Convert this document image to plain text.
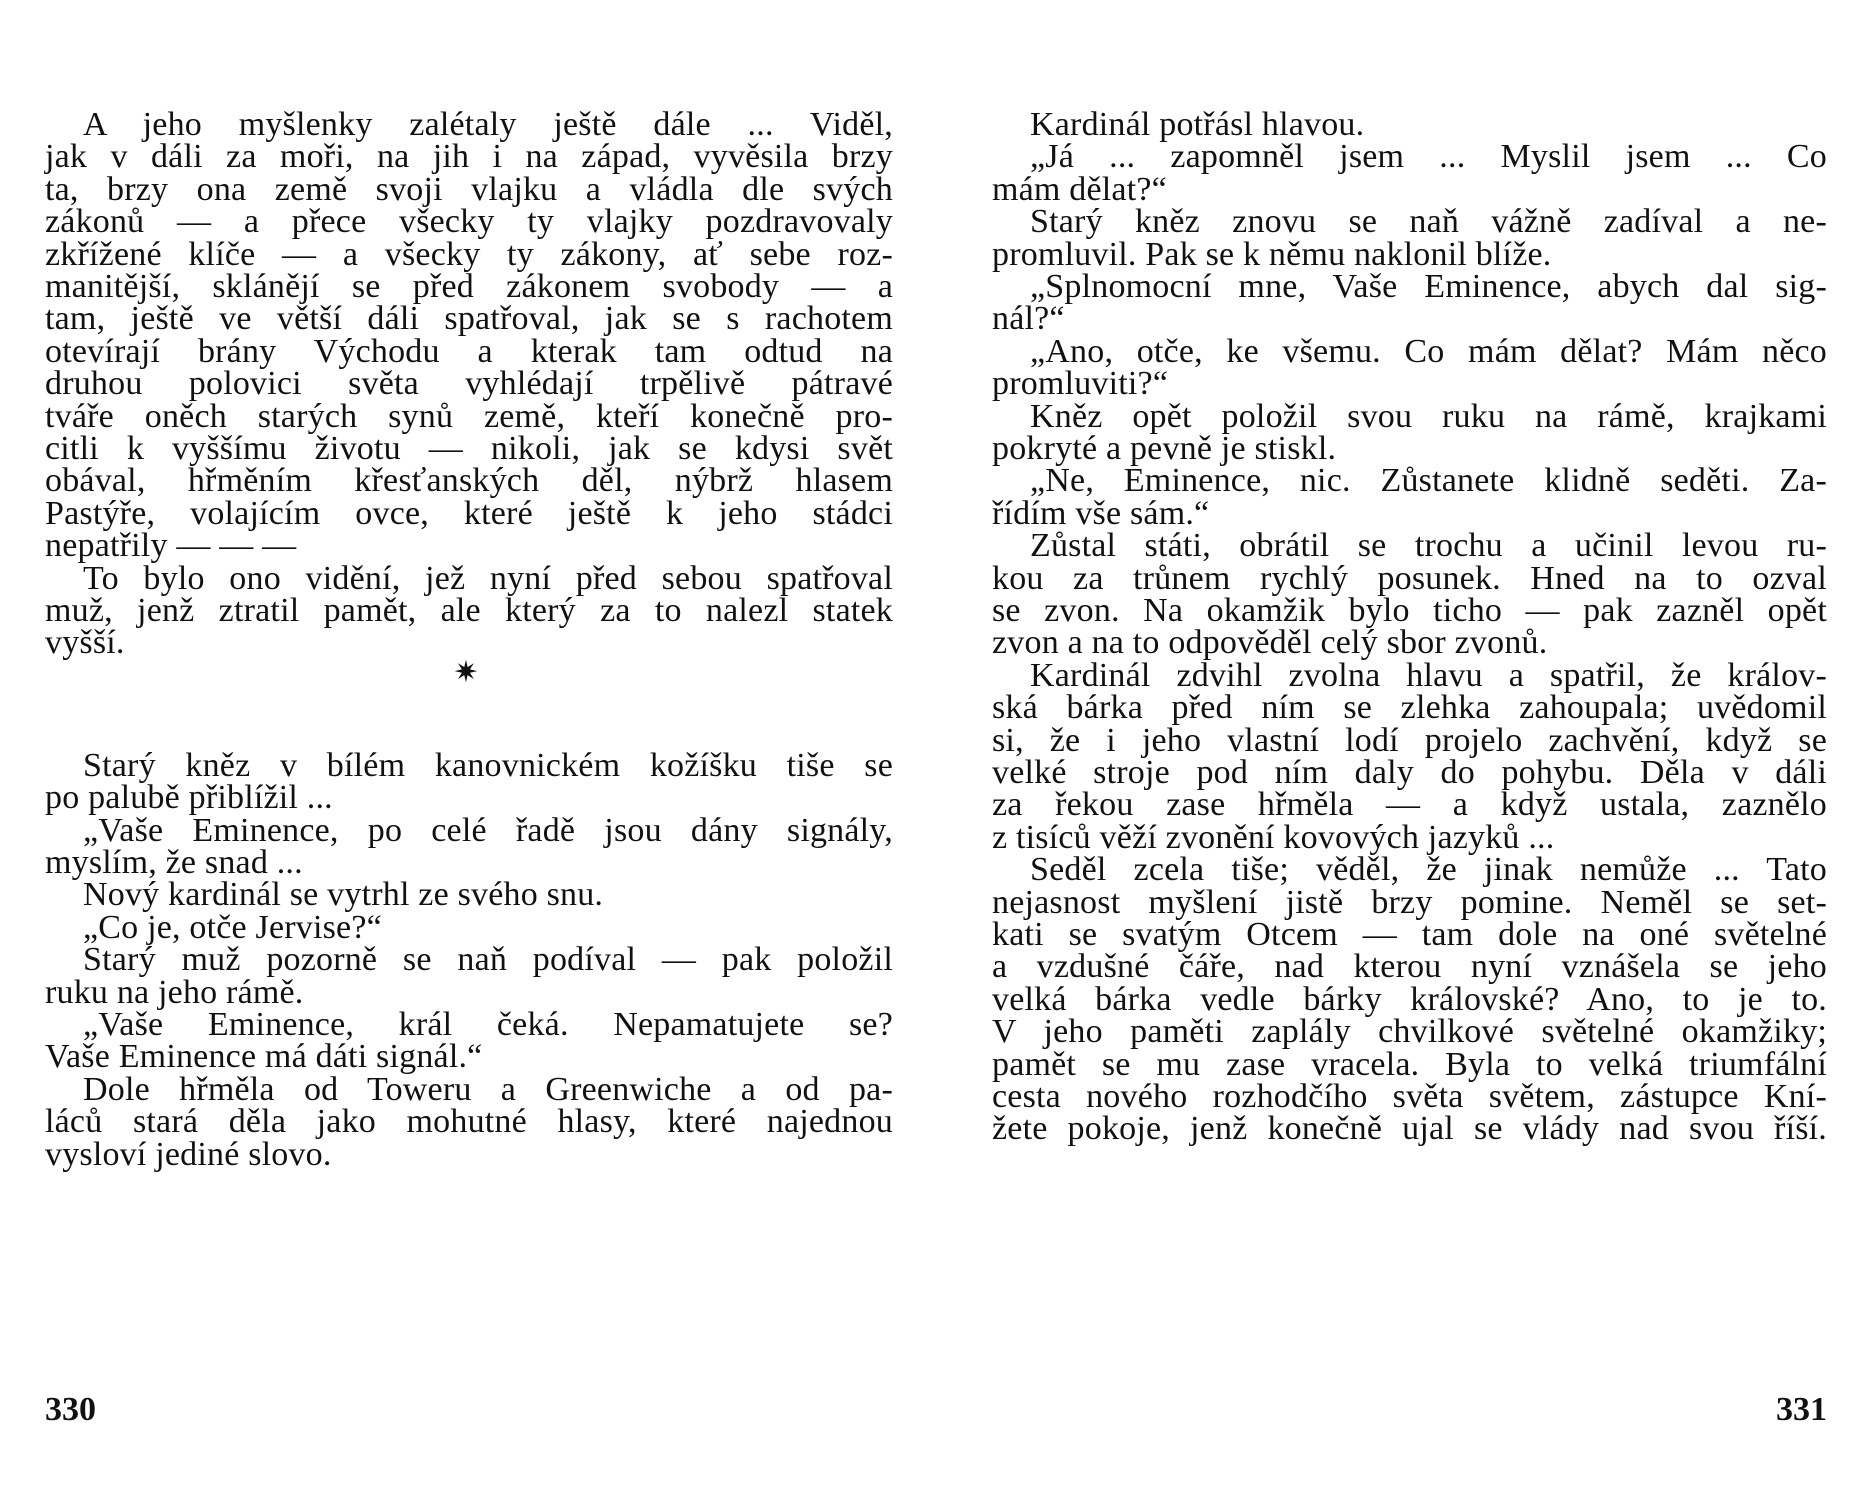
A jeho myšlenky zalétaly ještě dále ... Viděl,
jak v dáli za moři, na jih i na západ, vyvěsila brzy
ta, brzy ona země svoji vlajku a vládla dle svých
zákonů — a přece všecky ty vlajky pozdravovaly
zkřížené klíče — a všecky ty zákony, ať sebe roz-
manitější, sklánějí se před zákonem svobody — a
tam, ještě ve větší dáli spatřoval, jak se s rachotem
otevírají brány Východu a kterak tam odtud na
druhou polovici světa vyhlédají trpělivě pátravé
tváře oněch starých synů země, kteří konečně pro-
citli k vyššímu životu — nikoli, jak se kdysi svět
obával, hřměním křesťanských děl, nýbrž hlasem
Pastýře, volajícím ovce, které ještě k jeho stádci
nepatřily — — —
To bylo ono vidění, jež nyní před sebou spatřoval
muž, jenž ztratil pamět, ale který za to nalezl statek
vyšší.
Starý kněz v bílém kanovnickém kožíšku tiše se
po palubě přiblížil ...
„Vaše Eminence, po celé řadě jsou dány signály,
myslím, že snad ...
Nový kardinál se vytrhl ze svého snu.
„Co je, otče Jervise?“
Starý muž pozorně se naň podíval — pak položil
ruku na jeho rámě.
„Vaše Eminence, král čeká. Nepamatujete se?
Vaše Eminence má dáti signál.“
Dole hřměla od Toweru a Greenwiche a od pa-
láců stará děla jako mohutné hlasy, které najednou
vysloví jediné slovo.
✷
330
Kardinál potřásl hlavou.
„Já ... zapomněl jsem ... Myslil jsem ... Co
mám dělat?“
Starý kněz znovu se naň vážně zadíval a ne-
promluvil. Pak se k němu naklonil blíže.
„Splnomocní mne, Vaše Eminence, abych dal sig-
nál?“
„Ano, otče, ke všemu. Co mám dělat? Mám něco
promluviti?“
Kněz opět položil svou ruku na rámě, krajkami
pokryté a pevně je stiskl.
„Ne, Eminence, nic. Zůstanete klidně seděti. Za-
řídím vše sám.“
Zůstal státi, obrátil se trochu a učinil levou ru-
kou za trůnem rychlý posunek. Hned na to ozval
se zvon. Na okamžik bylo ticho — pak zazněl opět
zvon a na to odpověděl celý sbor zvonů.
Kardinál zdvihl zvolna hlavu a spatřil, že králov-
ská bárka před ním se zlehka zahoupala; uvědomil
si, že i jeho vlastní lodí projelo zachvění, když se
velké stroje pod ním daly do pohybu. Děla v dáli
za řekou zase hřměla — a když ustala, zaznělo
z tisíců věží zvonění kovových jazyků ...
Seděl zcela tiše; věděl, že jinak nemůže ... Tato
nejasnost myšlení jistě brzy pomine. Neměl se set-
kati se svatým Otcem — tam dole na oné světelné
a vzdušné čáře, nad kterou nyní vznášela se jeho
velká bárka vedle bárky královské? Ano, to je to.
V jeho paměti zaplály chvilkové světelné okamžiky;
pamět se mu zase vracela. Byla to velká triumfální
cesta nového rozhodčího světa světem, zástupce Kní-
žete pokoje, jenž konečně ujal se vlády nad svou říší.
331
